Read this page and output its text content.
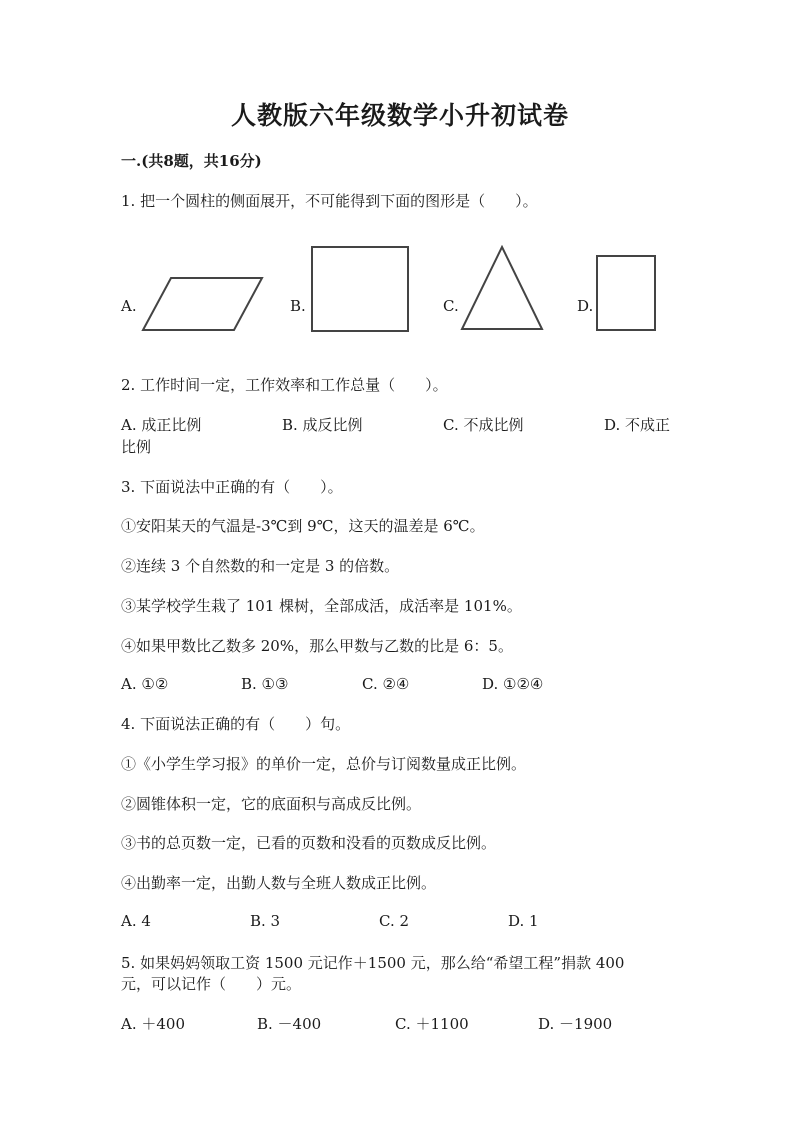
人教版六年级数学小升初试卷
一.(共8题，共16分)
1. 把一个圆柱的侧面展开，不可能得到下面的图形是（　　）。
A.	B.	C.	D.
2. 工作时间一定，工作效率和工作总量（　　）。
A. 成正比例	B. 成反比例	C. 不成比例	D. 不成正
比例
3. 下面说法中正确的有（　　）。
①安阳某天的气温是-3℃到 9℃，这天的温差是 6℃。
②连续 3 个自然数的和一定是 3 的倍数。
③某学校学生栽了 101 棵树，全部成活，成活率是 101%。
④如果甲数比乙数多 20%，那么甲数与乙数的比是 6：5。
A. ①②	B. ①③	C. ②④	D. ①②④
4. 下面说法正确的有（　　）句。
①《小学生学习报》的单价一定，总价与订阅数量成正比例。
②圆锥体积一定，它的底面积与高成反比例。
③书的总页数一定，已看的页数和没看的页数成反比例。
④出勤率一定，出勤人数与全班人数成正比例。
A. 4	B. 3	C. 2	D. 1
5. 如果妈妈领取工资 1500 元记作＋1500 元，那么给“希望工程”捐款 400
元，可以记作（　　）元。
A. ＋400	B. －400	C. ＋1100	D. －1900
